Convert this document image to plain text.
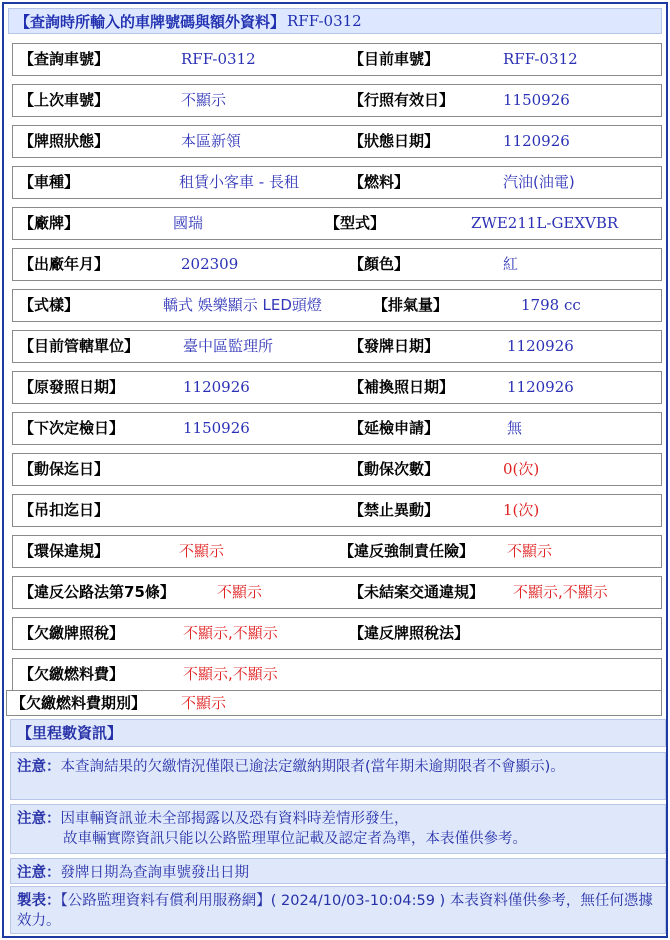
【查詢時所輸入的車牌號碼與額外資料】 RFF-0312
【查詢車號】	RFF-0312	【目前車號】	RFF-0312
【上次車號】	不顯示	【行照有效日】	1150926
【牌照狀態】	本區新領	【狀態日期】	1120926
【車種】	租賃小客車 - 長租	【燃料】	汽油(油電)
【廠牌】	國瑞	【型式】	ZWE211L-GEXVBR
【出廠年月】	202309	【顏色】	紅
【式樣】	轎式 娛樂顯示 LED頭燈	【排氣量】	1798 cc
【目前管轄單位】	臺中區監理所	【發牌日期】	1120926
【原發照日期】	1120926	【補換照日期】	1120926
【下次定檢日】	1150926	【延檢申請】	無
【動保迄日】	【動保次數】	0(次)
【吊扣迄日】	【禁止異動】	1(次)
【環保違規】	不顯示	【違反強制責任險】 不顯示
【違反公路法第75條】	不顯示	【未結案交通違規】 不顯示,不顯示
【欠繳牌照稅】	不顯示,不顯示	【違反牌照稅法】
【欠繳燃料費】	不顯示,不顯示
【欠繳燃料費期別】 不顯示
【里程數資訊】
注意：本查詢結果的欠繳情況僅限已逾法定繳納期限者(當年期未逾期限者不會顯示)。
注意：因車輛資訊並未全部揭露以及恐有資料時差情形發生，
故車輛實際資訊只能以公路監理單位記載及認定者為準，本表僅供參考。
注意：發牌日期為查詢車號發出日期
製表：【公路監理資料有償利用服務網】( 2024/10/03-10:04:59 ) 本表資料僅供參考，無任何憑據效力。
